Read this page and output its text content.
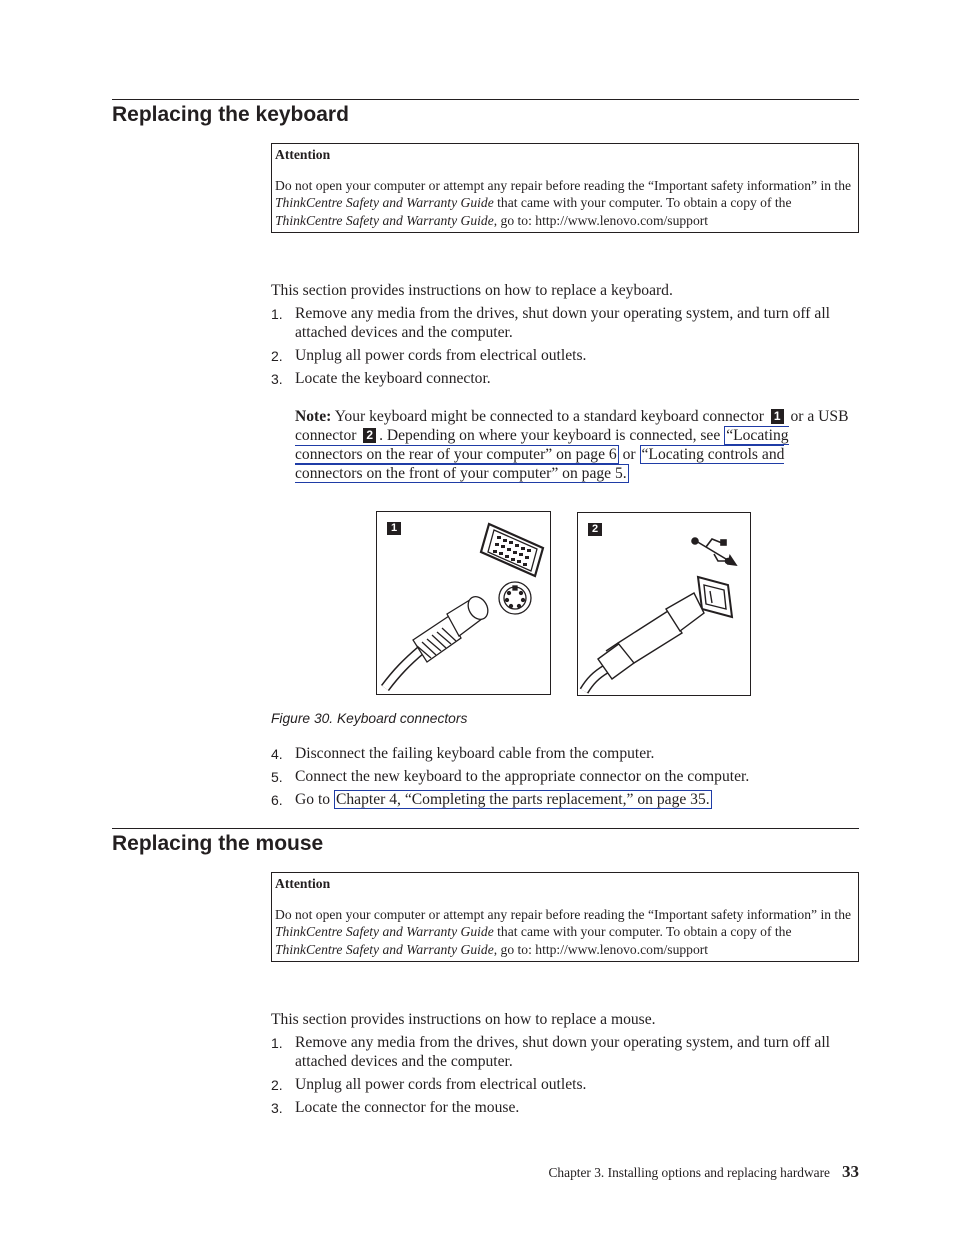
Replacing the keyboard
Attention
Do not open your computer or attempt any repair before reading the “Important safety information” in the ThinkCentre Safety and Warranty Guide that came with your computer. To obtain a copy of the ThinkCentre Safety and Warranty Guide, go to: http://www.lenovo.com/support

This section provides instructions on how to replace a keyboard.

1. Remove any media from the drives, shut down your operating system, and turn off all attached devices and the computer.
2. Unplug all power cords from electrical outlets.
3. Locate the keyboard connector.
Note: Your keyboard might be connected to a standard keyboard connector 1 or a USB connector 2 . Depending on where your keyboard is connected, see “Locating connectors on the rear of your computer” on page 6 or “Locating controls and connectors on the front of your computer” on page 5.
1	2
Figure 30. Keyboard connectors
4. Disconnect the failing keyboard cable from the computer.
5. Connect the new keyboard to the appropriate connector on the computer.
6. Go to Chapter 4, “Completing the parts replacement,” on page 35.
Replacing the mouse
Attention
Do not open your computer or attempt any repair before reading the “Important safety information” in the ThinkCentre Safety and Warranty Guide that came with your computer. To obtain a copy of the ThinkCentre Safety and Warranty Guide, go to: http://www.lenovo.com/support

This section provides instructions on how to replace a mouse.

1. Remove any media from the drives, shut down your operating system, and turn off all attached devices and the computer.
2. Unplug all power cords from electrical outlets.
3. Locate the connector for the mouse.
Chapter 3. Installing options and replacing hardware 33
